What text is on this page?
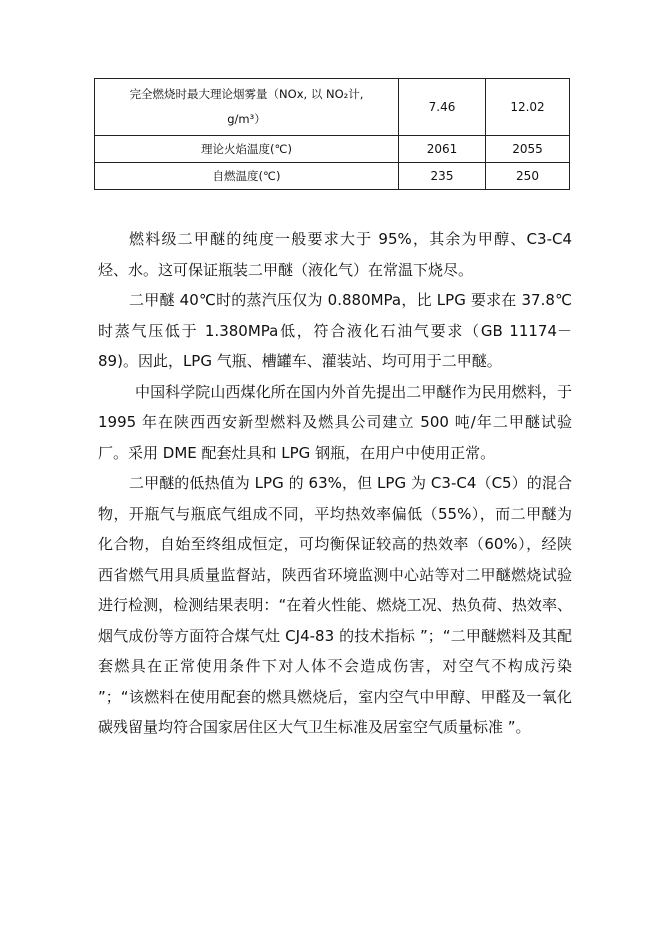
完全燃烧时最大理论烟雾量（NOx, 以 NO₂计,
g/m³）	7.46	12.02
理论火焰温度(℃)	2061	2055
自燃温度(℃)	235	250

燃料级二甲醚的纯度一般要求大于 95%，其余为甲醇、C3-C4烃、水。这可保证瓶装二甲醚（液化气）在常温下烧尽。

二甲醚 40℃时的蒸汽压仅为 0.880MPa，比 LPG 要求在 37.8℃时蒸气压低于 1.380MPa低，符合液化石油气要求（GB 11174－89)。因此，LPG 气瓶、槽罐车、灌装站、均可用于二甲醚。

中国科学院山西煤化所在国内外首先提出二甲醚作为民用燃料，于 1995 年在陕西西安新型燃料及燃具公司建立 500 吨/年二甲醚试验厂。采用 DME 配套灶具和 LPG 钢瓶，在用户中使用正常。

二甲醚的低热值为 LPG 的 63%，但 LPG 为 C3-C4（C5）的混合物，开瓶气与瓶底气组成不同，平均热效率偏低（55%），而二甲醚为化合物，自始至终组成恒定，可均衡保证较高的热效率（60%），经陕西省燃气用具质量监督站，陕西省环境监测中心站等对二甲醚燃烧试验进行检测，检测结果表明：“在着火性能、燃烧工况、热负荷、热效率、烟气成份等方面符合煤气灶 CJ4-83 的技术指标 ”；“二甲醚燃料及其配套燃具在正常使用条件下对人体不会造成伤害，对空气不构成污染 ”；“该燃料在使用配套的燃具燃烧后，室内空气中甲醇、甲醛及一氧化碳残留量均符合国家居住区大气卫生标准及居室空气质量标准 ”。
